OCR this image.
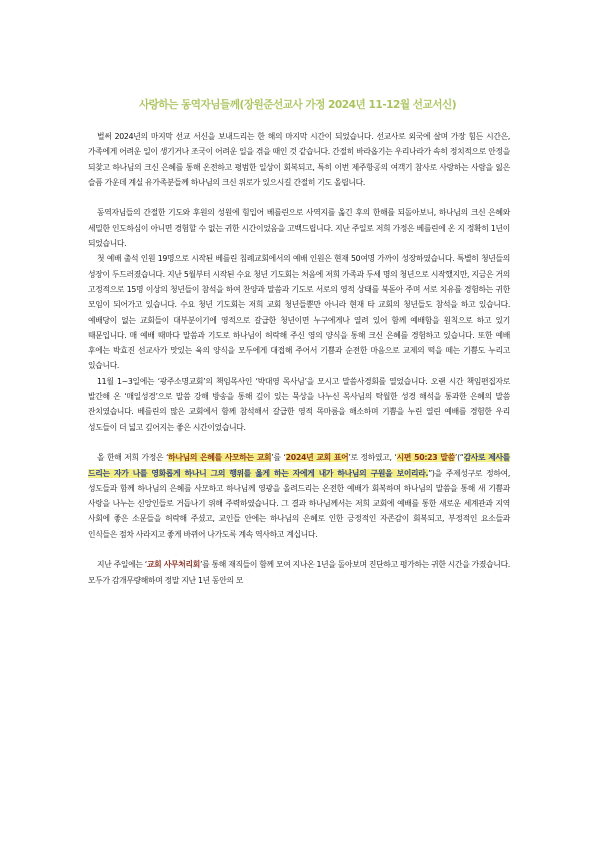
사랑하는 동역자님들께(장원준선교사 가정 2024년 11-12월 선교서신)

벌써 2024년의 마지막 선교 서신을 보내드리는 한 해의 마지막 시간이 되었습니다. 선교사로 외국에 살며 가장 힘든 시간은, 가족에게 어려운 일이 생기거나 조국이 어려운 일을 겪을 때인 것 같습니다. 간절히 바라옵기는 우리나라가 속히 정치적으로 안정을 되찾고 하나님의 크신 은혜를 통해 온전하고 평범한 일상이 회복되고, 특히 이번 제주항공의 여객기 참사로 사랑하는 사람을 잃은 슬픔 가운데 계실 유가족분들께 하나님의 크신 위로가 있으시길 간절히 기도 올립니다.

동역자님들의 간절한 기도와 후원의 성원에 힘입어 베를린으로 사역지를 옮긴 후의 한해를 되돌아보니, 하나님의 크신 은혜와 세밀한 인도하심이 아니면 경험할 수 없는 귀한 시간이었음을 고백드립니다. 지난 주일로 저희 가정은 베를린에 온 지 정확히 1년이 되었습니다.

첫 예배 출석 인원 19명으로 시작된 베를린 침례교회에서의 예배 인원은 현재 50여명 가까이 성장하였습니다. 특별히 청년들의 성장이 두드러졌습니다. 지난 5월부터 시작된 수요 청년 기도회는 처음에 저희 가족과 두세 명의 청년으로 시작했지만, 지금은 거의 고정적으로 15명 이상의 청년들이 참석을 하여 찬양과 말씀과 기도로 서로의 영적 상태를 북돋아 주며 서로 치유를 경험하는 귀한 모임이 되어가고 있습니다. 수요 청년 기도회는 저희 교회 청년들뿐만 아니라 현재 타 교회의 청년들도 참석을 하고 있습니다. 예배당이 없는 교회들이 대부분이기에 영적으로 갈급한 청년이면 누구에게나 열려 있어 함께 예배함을 원칙으로 하고 있기 때문입니다. 매 예배 때마다 말씀과 기도로 하나님이 허락해 주신 영의 양식을 통해 크신 은혜를 경험하고 있습니다. 또한 예배 후에는 박효진 선교사가 맛있는 육의 양식을 모두에게 대접해 주어서 기쁨과 순전한 마음으로 교제의 떡을 떼는 기쁨도 누리고 있습니다.

11월 1~3일에는 ‘광주소명교회’의 책임목사인 ‘박대영 목사님’을 모시고 말씀사경회를 열었습니다. 오랜 시간 책임편집자로 발간해 온 ‘매일성경’으로 말씀 강해 방송을 통해 깊이 있는 묵상을 나누신 목사님의 탁월한 성경 해석을 통과한 은혜의 말씀 잔치였습니다. 베를린의 많은 교회에서 함께 참석해서 갈급한 영적 목마름을 해소하며 기쁨을 누린 열린 예배를 경험한 우리 성도들이 더 넓고 깊어지는 좋은 시간이었습니다.

올 한해 저희 가정은 ‘하나님의 은혜를 사모하는 교회’를 ‘2024년 교회 표어’로 정하였고, ‘시편 50:23 말씀’(“감사로 제사를 드리는 자가 나를 영화롭게 하나니 그의 행위를 옳게 하는 자에게 내가 하나님의 구원을 보이리라.”)을 주제성구로 정하여, 성도들과 함께 하나님의 은혜를 사모하고 하나님께 영광을 올려드리는 온전한 예배가 회복하며 하나님의 말씀을 통해 새 기쁨과 사랑을 나누는 신앙인들로 거듭나기 위해 주력하였습니다. 그 결과 하나님께서는 저희 교회에 예배를 통한 새로운 세계관과 지역 사회에 좋은 소문들을 허락해 주셨고, 교인들 안에는 하나님의 은혜로 인한 긍정적인 자존감이 회복되고, 부정적인 요소들과 인식들은 점차 사라지고 좋게 바뀌어 나가도록 계속 역사하고 계십니다.

지난 주일에는 ‘교회 사무처리회’를 통해 재직들이 함께 모여 지나온 1년을 돌아보며 진단하고 평가하는 귀한 시간을 가졌습니다. 모두가 감개무량해하며 정말 지난 1년 동안의 모
